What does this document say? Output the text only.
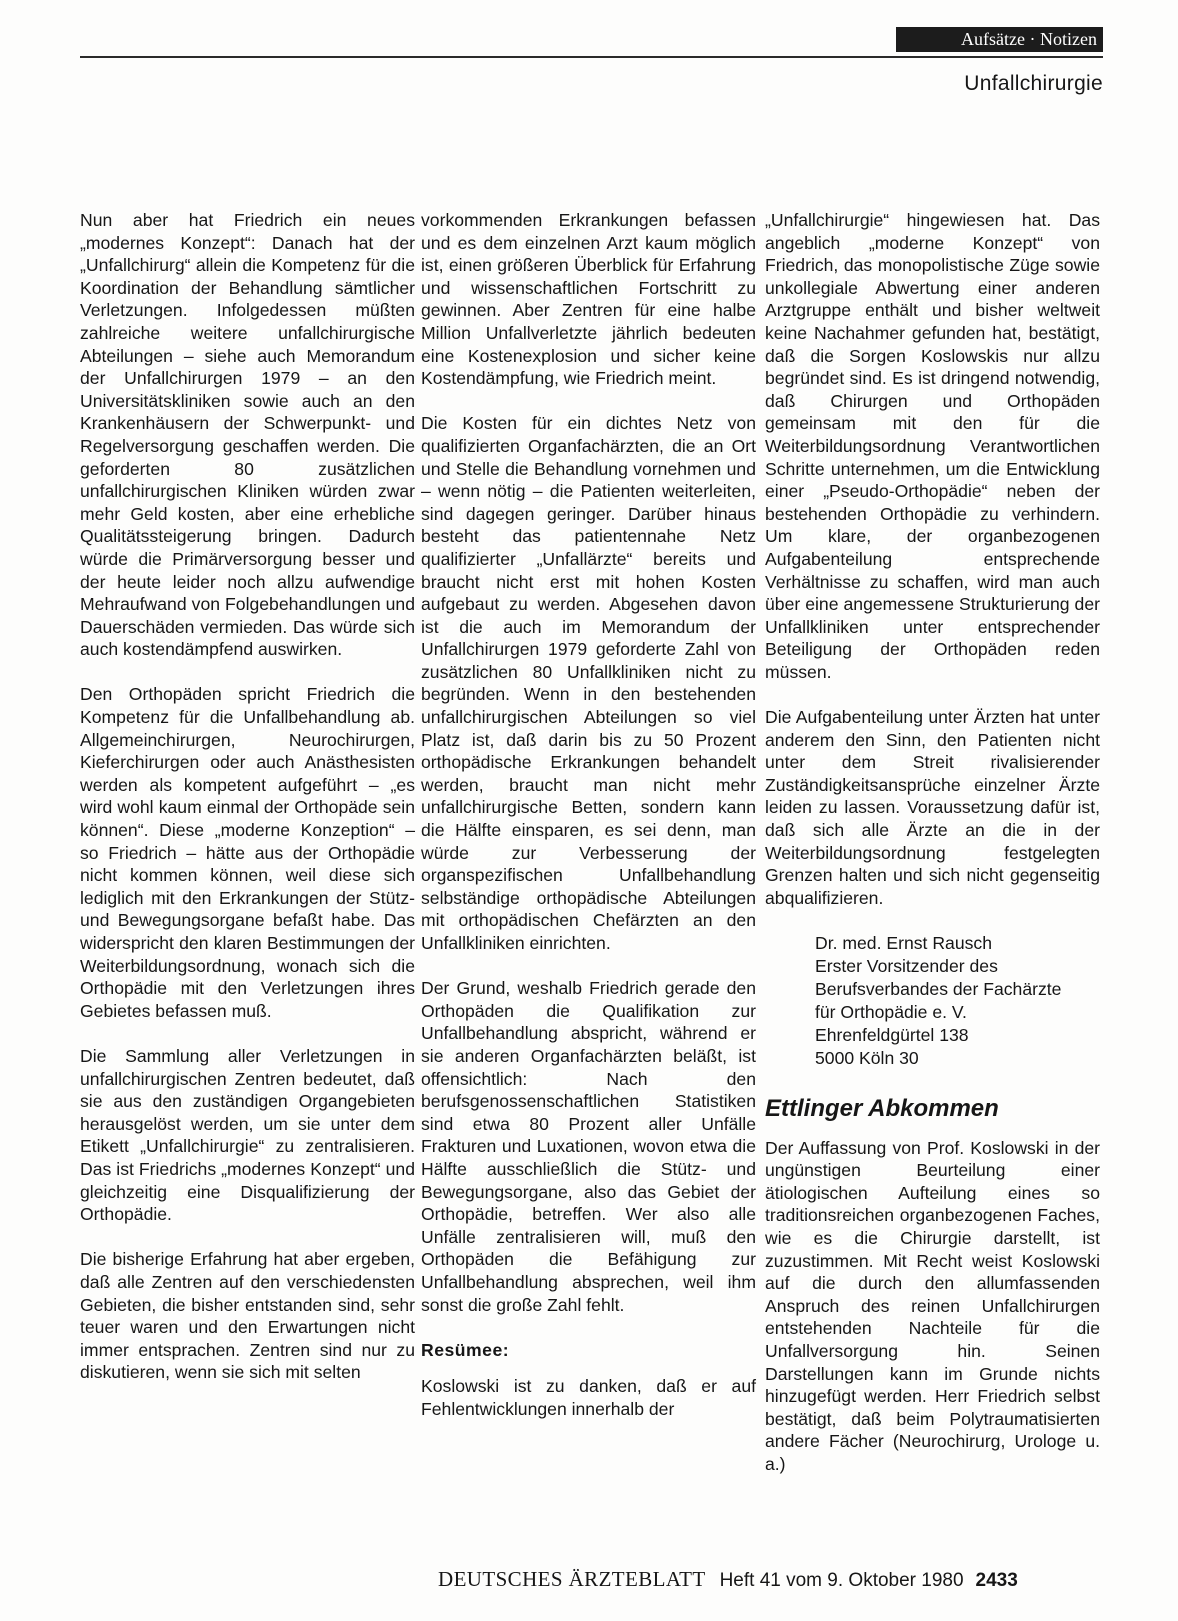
Aufsätze · Notizen
Unfallchirurgie

Nun aber hat Friedrich ein neues „modernes Konzept“: Danach hat der „Unfallchirurg“ allein die Kompetenz für die Koordination der Behandlung sämtlicher Verletzungen. Infolgedessen müßten zahlreiche weitere unfallchirurgische Abteilungen – siehe auch Memorandum der Unfallchirurgen 1979 – an den Universitätskliniken sowie auch an den Krankenhäusern der Schwerpunkt- und Regelversorgung geschaffen werden. Die geforderten 80 zusätzlichen unfallchirurgischen Kliniken würden zwar mehr Geld kosten, aber eine erhebliche Qualitätssteigerung bringen. Dadurch würde die Primärversorgung besser und der heute leider noch allzu aufwendige Mehraufwand von Folgebehandlungen und Dauerschäden vermieden. Das würde sich auch kostendämpfend auswirken.

Den Orthopäden spricht Friedrich die Kompetenz für die Unfallbehandlung ab. Allgemeinchirurgen, Neurochirurgen, Kieferchirurgen oder auch Anästhesisten werden als kompetent aufgeführt – „es wird wohl kaum einmal der Orthopäde sein können“. Diese „moderne Konzeption“ – so Friedrich – hätte aus der Orthopädie nicht kommen können, weil diese sich lediglich mit den Erkrankungen der Stütz- und Bewegungsorgane befaßt habe. Das widerspricht den klaren Bestimmungen der Weiterbildungsordnung, wonach sich die Orthopädie mit den Verletzungen ihres Gebietes befassen muß.

Die Sammlung aller Verletzungen in unfallchirurgischen Zentren bedeutet, daß sie aus den zuständigen Organgebieten herausgelöst werden, um sie unter dem Etikett „Unfallchirurgie“ zu zentralisieren. Das ist Friedrichs „modernes Konzept“ und gleichzeitig eine Disqualifizierung der Orthopädie.

Die bisherige Erfahrung hat aber ergeben, daß alle Zentren auf den verschiedensten Gebieten, die bisher entstanden sind, sehr teuer waren und den Erwartungen nicht immer entsprachen. Zentren sind nur zu diskutieren, wenn sie sich mit selten

vorkommenden Erkrankungen befassen und es dem einzelnen Arzt kaum möglich ist, einen größeren Überblick für Erfahrung und wissenschaftlichen Fortschritt zu gewinnen. Aber Zentren für eine halbe Million Unfallverletzte jährlich bedeuten eine Kostenexplosion und sicher keine Kostendämpfung, wie Friedrich meint.

Die Kosten für ein dichtes Netz von qualifizierten Organfachärzten, die an Ort und Stelle die Behandlung vornehmen und – wenn nötig – die Patienten weiterleiten, sind dagegen geringer. Darüber hinaus besteht das patientennahe Netz qualifizierter „Unfallärzte“ bereits und braucht nicht erst mit hohen Kosten aufgebaut zu werden. Abgesehen davon ist die auch im Memorandum der Unfallchirurgen 1979 geforderte Zahl von zusätzlichen 80 Unfallkliniken nicht zu begründen. Wenn in den bestehenden unfallchirurgischen Abteilungen so viel Platz ist, daß darin bis zu 50 Prozent orthopädische Erkrankungen behandelt werden, braucht man nicht mehr unfallchirurgische Betten, sondern kann die Hälfte einsparen, es sei denn, man würde zur Verbesserung der organspezifischen Unfallbehandlung selbständige orthopädische Abteilungen mit orthopädischen Chefärzten an den Unfallkliniken einrichten.

Der Grund, weshalb Friedrich gerade den Orthopäden die Qualifikation zur Unfallbehandlung abspricht, während er sie anderen Organfachärzten beläßt, ist offensichtlich: Nach den berufsgenossenschaftlichen Statistiken sind etwa 80 Prozent aller Unfälle Frakturen und Luxationen, wovon etwa die Hälfte ausschließlich die Stütz- und Bewegungsorgane, also das Gebiet der Orthopädie, betreffen. Wer also alle Unfälle zentralisieren will, muß den Orthopäden die Befähigung zur Unfallbehandlung absprechen, weil ihm sonst die große Zahl fehlt.

Resümee:

Koslowski ist zu danken, daß er auf Fehlentwicklungen innerhalb der

„Unfallchirurgie“ hingewiesen hat. Das angeblich „moderne Konzept“ von Friedrich, das monopolistische Züge sowie unkollegiale Abwertung einer anderen Arztgruppe enthält und bisher weltweit keine Nachahmer gefunden hat, bestätigt, daß die Sorgen Koslowskis nur allzu begründet sind. Es ist dringend notwendig, daß Chirurgen und Orthopäden gemeinsam mit den für die Weiterbildungsordnung Verantwortlichen Schritte unternehmen, um die Entwicklung einer „Pseudo-Orthopädie“ neben der bestehenden Orthopädie zu verhindern. Um klare, der organbezogenen Aufgabenteilung entsprechende Verhältnisse zu schaffen, wird man auch über eine angemessene Strukturierung der Unfallkliniken unter entsprechender Beteiligung der Orthopäden reden müssen.

Die Aufgabenteilung unter Ärzten hat unter anderem den Sinn, den Patienten nicht unter dem Streit rivalisierender Zuständigkeitsansprüche einzelner Ärzte leiden zu lassen. Voraussetzung dafür ist, daß sich alle Ärzte an die in der Weiterbildungsordnung festgelegten Grenzen halten und sich nicht gegenseitig abqualifizieren.

Dr. med. Ernst Rausch
Erster Vorsitzender des
Berufsverbandes der Fachärzte
für Orthopädie e. V.
Ehrenfeldgürtel 138
5000 Köln 30
Ettlinger Abkommen

Der Auffassung von Prof. Koslowski in der ungünstigen Beurteilung einer ätiologischen Aufteilung eines so traditionsreichen organbezogenen Faches, wie es die Chirurgie darstellt, ist zuzustimmen. Mit Recht weist Koslowski auf die durch den allumfassenden Anspruch des reinen Unfallchirurgen entstehenden Nachteile für die Unfallversorgung hin. Seinen Darstellungen kann im Grunde nichts hinzugefügt werden. Herr Friedrich selbst bestätigt, daß beim Polytraumatisierten andere Fächer (Neurochirurg, Urologe u. a.)

DEUTSCHES ÄRZTEBLATT Heft 41 vom 9. Oktober 1980 2433
